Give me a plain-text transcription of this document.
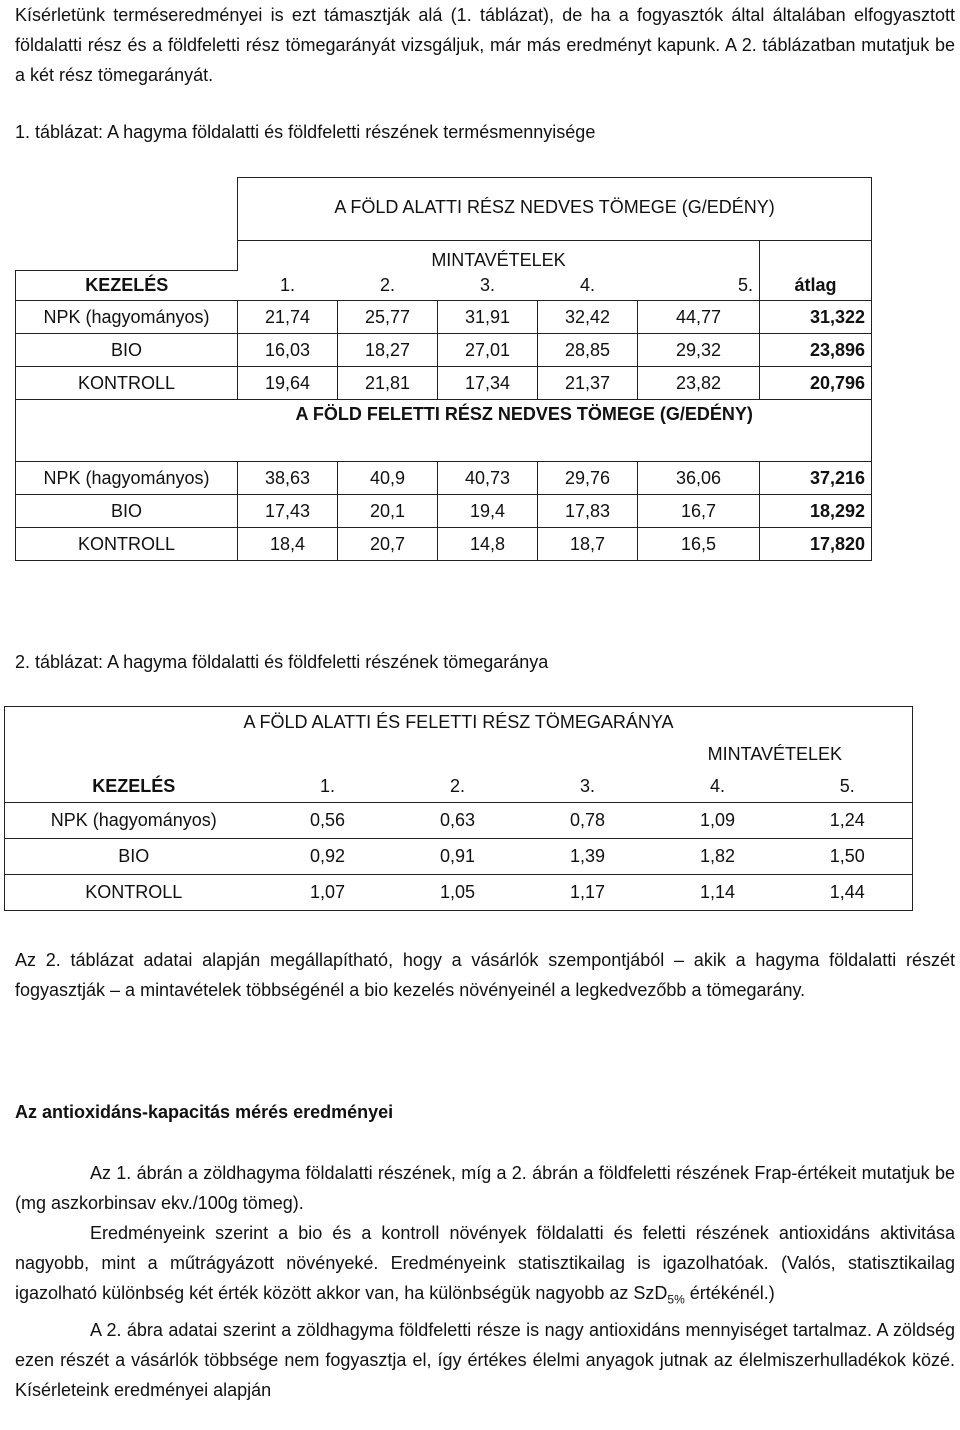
Kísérletünk terméseredményei is ezt támasztják alá (1. táblázat), de ha a fogyasztók által általában elfogyasztott földalatti rész és a földfeletti rész tömegarányát vizsgáljuk, már más eredményt kapunk. A 2. táblázatban mutatjuk be a két rész tömegarányát.

1. táblázat: A hagyma földalatti és földfeletti részének termésmennyisége

	A FÖLD ALATTI RÉSZ NEDVES TÖMEGE (G/EDÉNY)					
	MINTAVÉTELEK					
KEZELÉS	1.	2.	3.	4.	5.	átlag
NPK (hagyományos)	21,74	25,77	31,91	32,42	44,77	31,322
BIO	16,03	18,27	27,01	28,85	29,32	23,896
KONTROLL	19,64	21,81	17,34	21,37	23,82	20,796
	A FÖLD FELETTI RÉSZ NEDVES TÖMEGE (G/EDÉNY)					
NPK (hagyományos)	38,63	40,9	40,73	29,76	36,06	37,216
BIO	17,43	20,1	19,4	17,83	16,7	18,292
KONTROLL	18,4	20,7	14,8	18,7	16,5	17,820

2. táblázat: A hagyma földalatti és földfeletti részének tömegaránya

A FÖLD ALATTI ÉS FELETTI RÉSZ TÖMEGARÁNYA					
	MINTAVÉTELEK				
KEZELÉS	1.	2.	3.	4.	5.
NPK (hagyományos)	0,56	0,63	0,78	1,09	1,24
BIO	0,92	0,91	1,39	1,82	1,50
KONTROLL	1,07	1,05	1,17	1,14	1,44

Az 2. táblázat adatai alapján megállapítható, hogy a vásárlók szempontjából – akik a hagyma földalatti részét fogyasztják – a mintavételek többségénél a bio kezelés növényeinél a legkedvezőbb a tömegarány.

Az antioxidáns-kapacitás mérés eredményei

Az 1. ábrán a zöldhagyma földalatti részének, míg a 2. ábrán a földfeletti részének Frap-értékeit mutatjuk be (mg aszkorbinsav ekv./100g tömeg).

Eredményeink szerint a bio és a kontroll növények földalatti és feletti részének antioxidáns aktivitása nagyobb, mint a műtrágyázott növényeké. Eredményeink statisztikailag is igazolhatóak. (Valós, statisztikailag igazolható különbség két érték között akkor van, ha különbségük nagyobb az SzD$_{5\%}$ értékénél.)

A 2. ábra adatai szerint a zöldhagyma földfeletti része is nagy antioxidáns mennyiséget tartalmaz. A zöldség ezen részét a vásárlók többsége nem fogyasztja el, így értékes élelmi anyagok jutnak az élelmiszerhulladékok közé. Kísérleteink eredményei alapján
